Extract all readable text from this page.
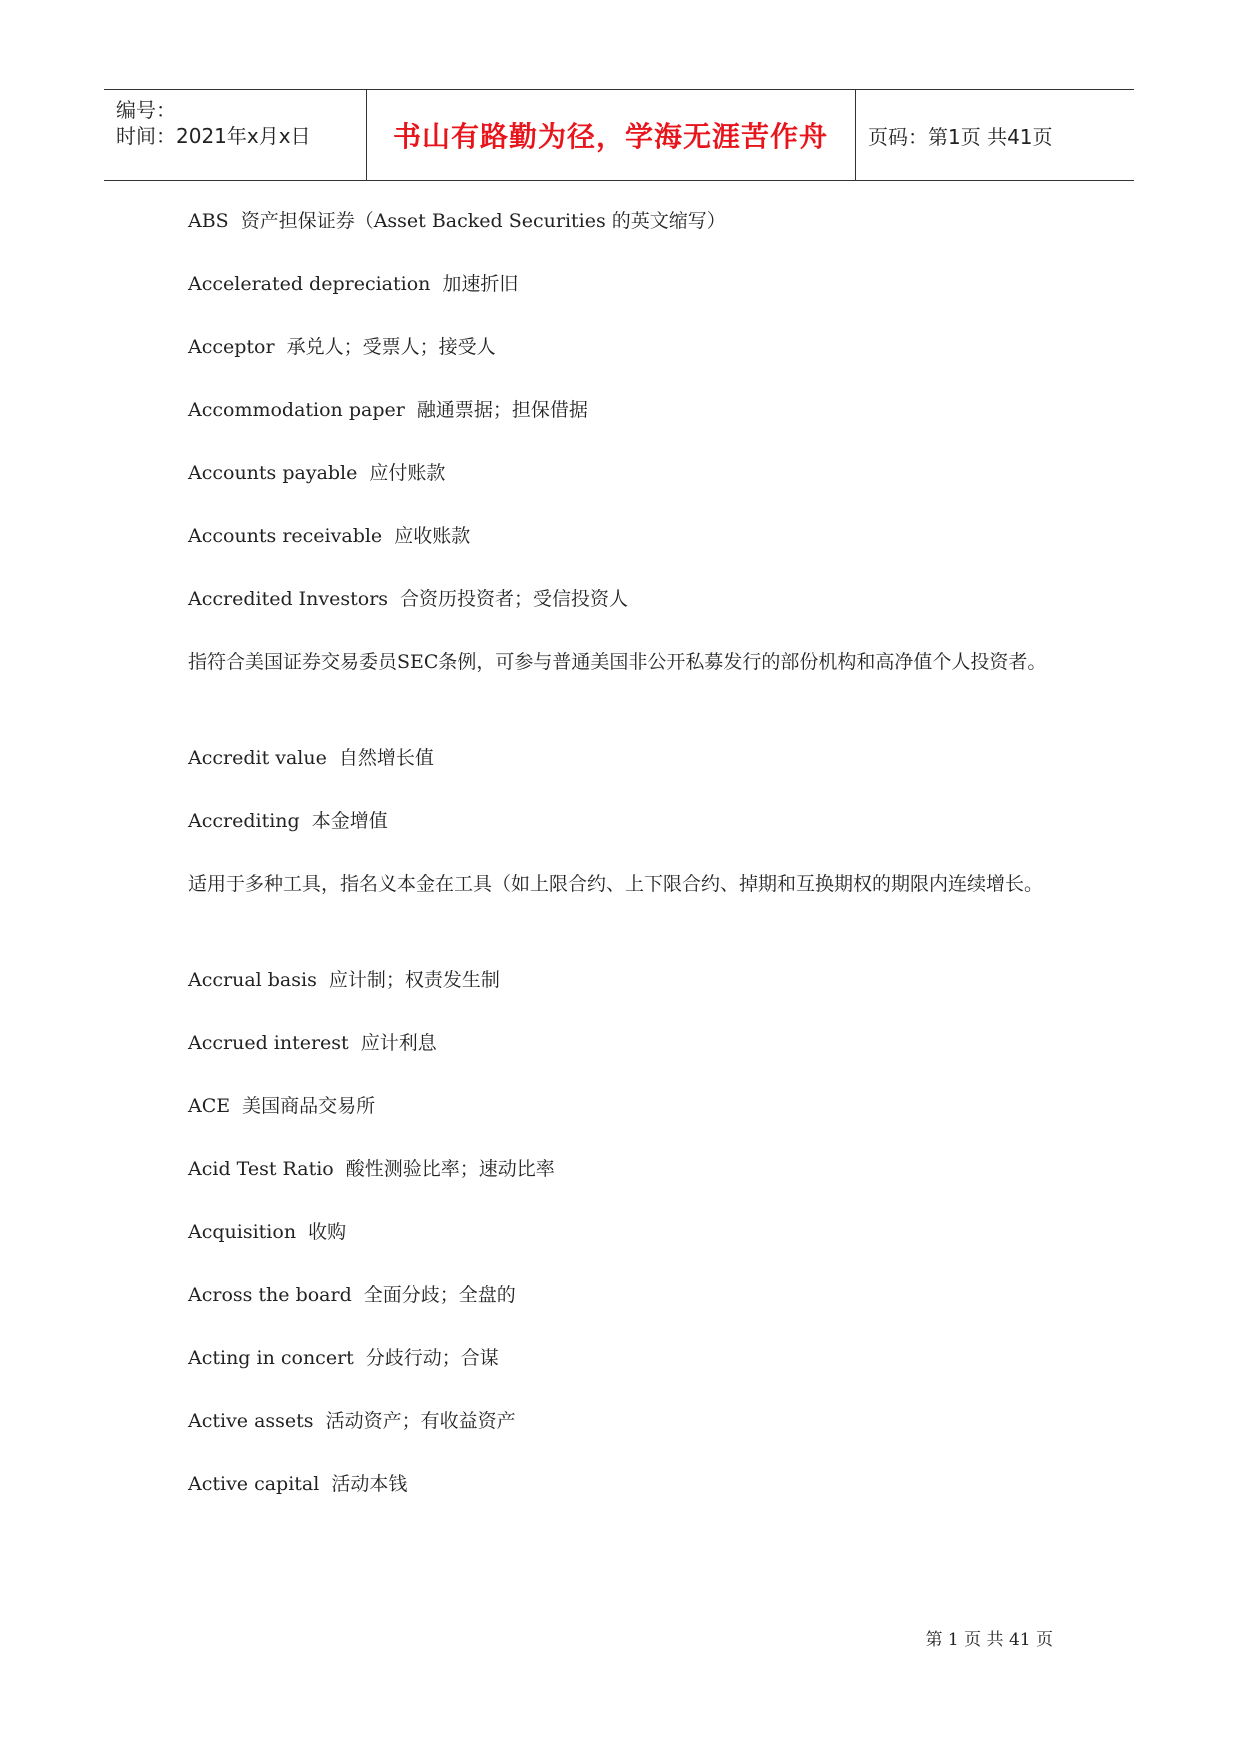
编号：
时间：2021年x月x日	书山有路勤为径，学海无涯苦作舟 页码：第1页 共41页
ABS 资产担保证券（Asset Backed Securities 的英文缩写）
Accelerated depreciation 加速折旧
Acceptor 承兑人；受票人；接受人
Accommodation paper 融通票据；担保借据
Accounts payable 应付账款
Accounts receivable 应收账款
Accredited Investors 合资历投资者；受信投资人
指符合美国证券交易委员SEC条例，可参与普通美国非公开私募发行的部份机构和高净值个人投资者。
Accredit value 自然增长值
Accrediting 本金增值
适用于多种工具，指名义本金在工具（如上限合约、上下限合约、掉期和互换期权的期限内连续增长。
Accrual basis 应计制；权责发生制
Accrued interest 应计利息
ACE 美国商品交易所
Acid Test Ratio 酸性测验比率；速动比率
Acquisition 收购
Across the board 全面分歧；全盘的
Acting in concert 分歧行动；合谋
Active assets 活动资产；有收益资产
Active capital 活动本钱
第 1 页 共 41 页
